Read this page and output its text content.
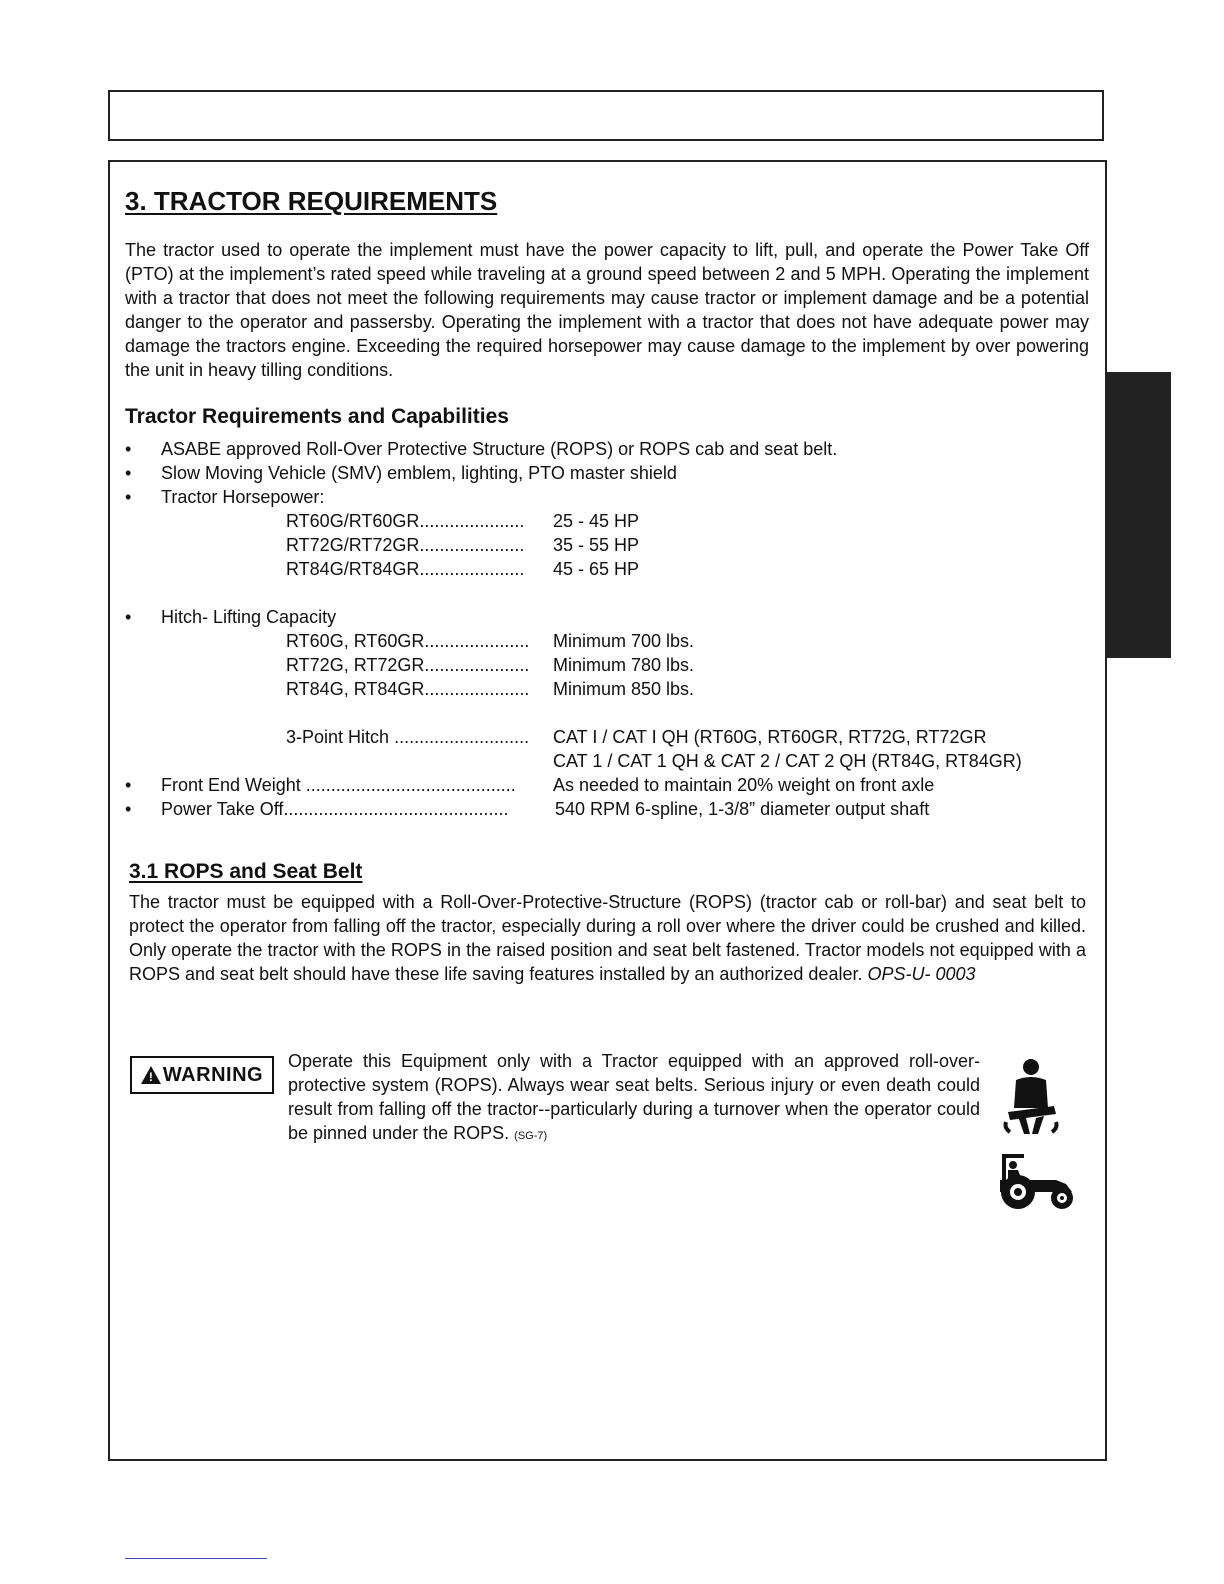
3. TRACTOR REQUIREMENTS

The tractor used to operate the implement must have the power capacity to lift, pull, and operate the Power Take Off (PTO) at the implement’s rated speed while traveling at a ground speed between 2 and 5 MPH. Operating the implement with a tractor that does not meet the following requirements may cause tractor or implement damage and be a potential danger to the operator and passersby. Operating the implement with a tractor that does not have adequate power may damage the tractors engine. Exceeding the required horsepower may cause damage to the implement by over powering the unit in heavy tilling conditions.

Tractor Requirements and Capabilities
• ASABE approved Roll-Over Protective Structure (ROPS) or ROPS cab and seat belt.
• Slow Moving Vehicle (SMV) emblem, lighting, PTO master shield
• Tractor Horsepower:
RT60G/RT60GR..................... 25 - 45 HP
RT72G/RT72GR..................... 35 - 55 HP
RT84G/RT84GR..................... 45 - 65 HP
• Hitch- Lifting Capacity
RT60G, RT60GR..................... Minimum 700 lbs.
RT72G, RT72GR..................... Minimum 780 lbs.
RT84G, RT84GR..................... Minimum 850 lbs.
3-Point Hitch ........................... CAT I / CAT I QH (RT60G, RT60GR, RT72G, RT72GR
CAT 1 / CAT 1 QH & CAT 2 / CAT 2 QH (RT84G, RT84GR)
• Front End Weight .......................................... As needed to maintain 20% weight on front axle
• Power Take Off.............................................	540 RPM 6-spline, 1-3/8” diameter output shaft
3.1 ROPS and Seat Belt

The tractor must be equipped with a Roll-Over-Protective-Structure (ROPS) (tractor cab or roll-bar) and seat belt to protect the operator from falling off the tractor, especially during a roll over where the driver could be crushed and killed. Only operate the tractor with the ROPS in the raised position and seat belt fastened. Tractor models not equipped with a ROPS and seat belt should have these life saving features installed by an authorized dealer. OPS-U- 0003

! WARNING

Operate this Equipment only with a Tractor equipped with an approved roll-over-protective system (ROPS). Always wear seat belts. Serious injury or even death could result from falling off the tractor--particularly during a turnover when the operator could be pinned under the ROPS. (SG-7)
